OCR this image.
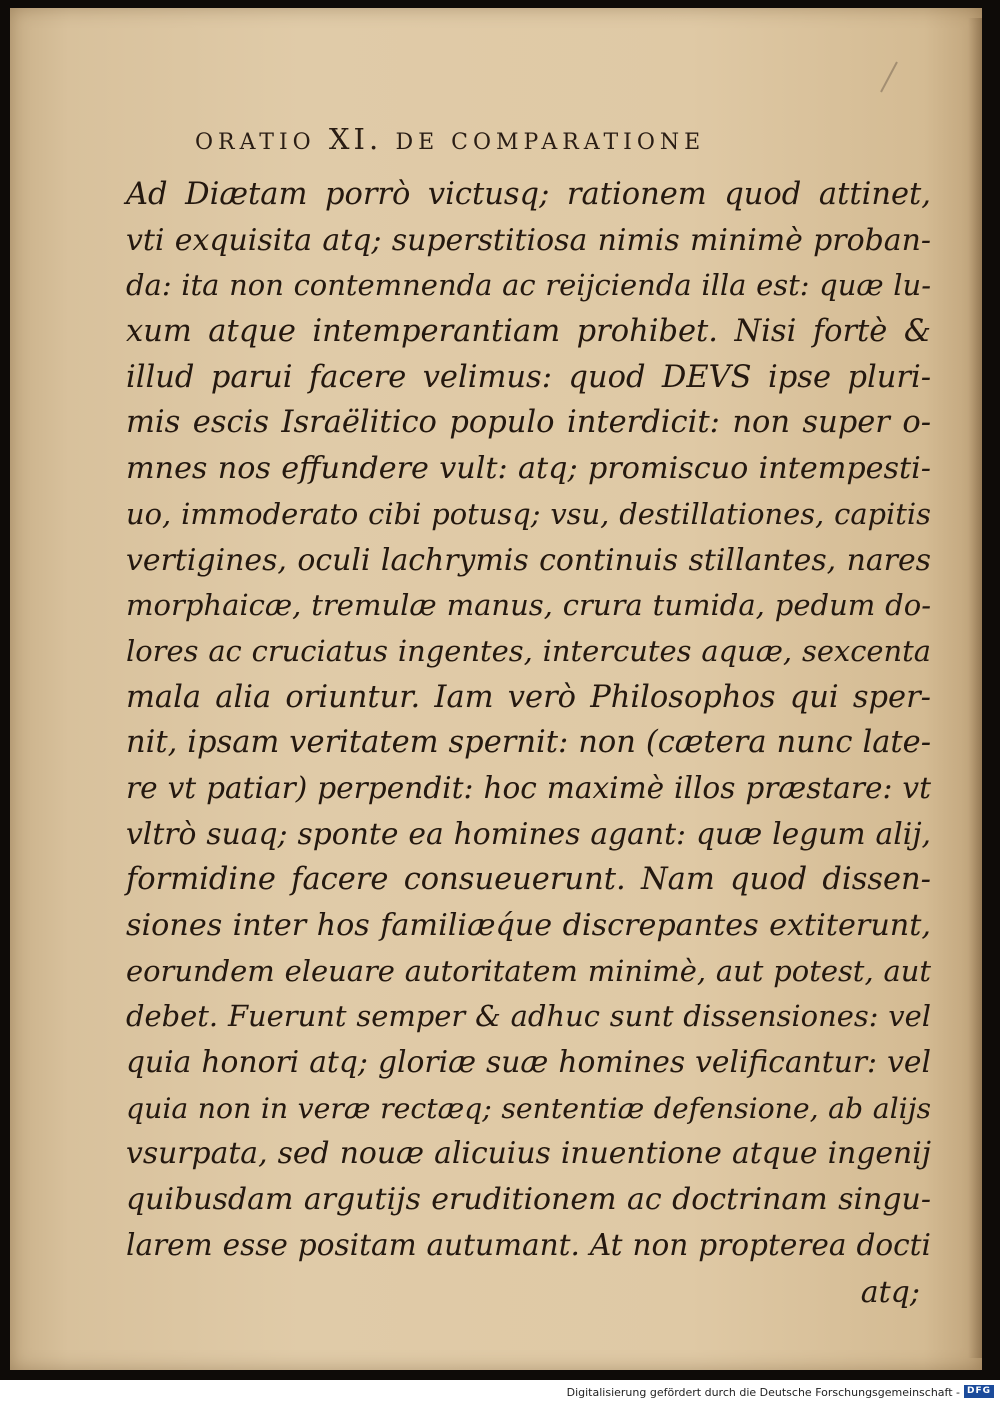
ORATIO XI. DE COMPARATIONE
Ad Diætam porrò victusq; rationem quod attinet,
vti exquisita atq; superstitiosa nimis minimè proban-
da: ita non contemnenda ac reijcienda illa est: quæ lu-
xum atque intemperantiam prohibet. Nisi fortè &
illud parui facere velimus: quod DEVS ipse pluri-
mis escis Israëlitico populo interdicit: non super o-
mnes nos effundere vult: atq; promiscuo intempesti-
uo, immoderato cibi potusq; vsu, destillationes, capitis
vertigines, oculi lachrymis continuis stillantes, nares
morphaicæ, tremulæ manus, crura tumida, pedum do-
lores ac cruciatus ingentes, intercutes aquæ, sexcenta
mala alia oriuntur. Iam verò Philosophos qui sper-
nit, ipsam veritatem spernit: non (cætera nunc late-
re vt patiar) perpendit: hoc maximè illos præstare: vt
vltrò suaq; sponte ea homines agant: quæ legum alij,
formidine facere consueuerunt. Nam quod dissen-
siones inter hos familiæq́ue discrepantes extiterunt,
eorundem eleuare autoritatem minimè, aut potest, aut
debet. Fuerunt semper & adhuc sunt dissensiones: vel
quia honori atq; gloriæ suæ homines velificantur: vel
quia non in veræ rectæq; sententiæ defensione, ab alijs
vsurpata, sed nouæ alicuius inuentione atque ingenij
quibusdam argutijs eruditionem ac doctrinam singu-
larem esse positam autumant. At non propterea docti
atq;
Digitalisierung gefördert durch die Deutsche Forschungsgemeinschaft - DFG
